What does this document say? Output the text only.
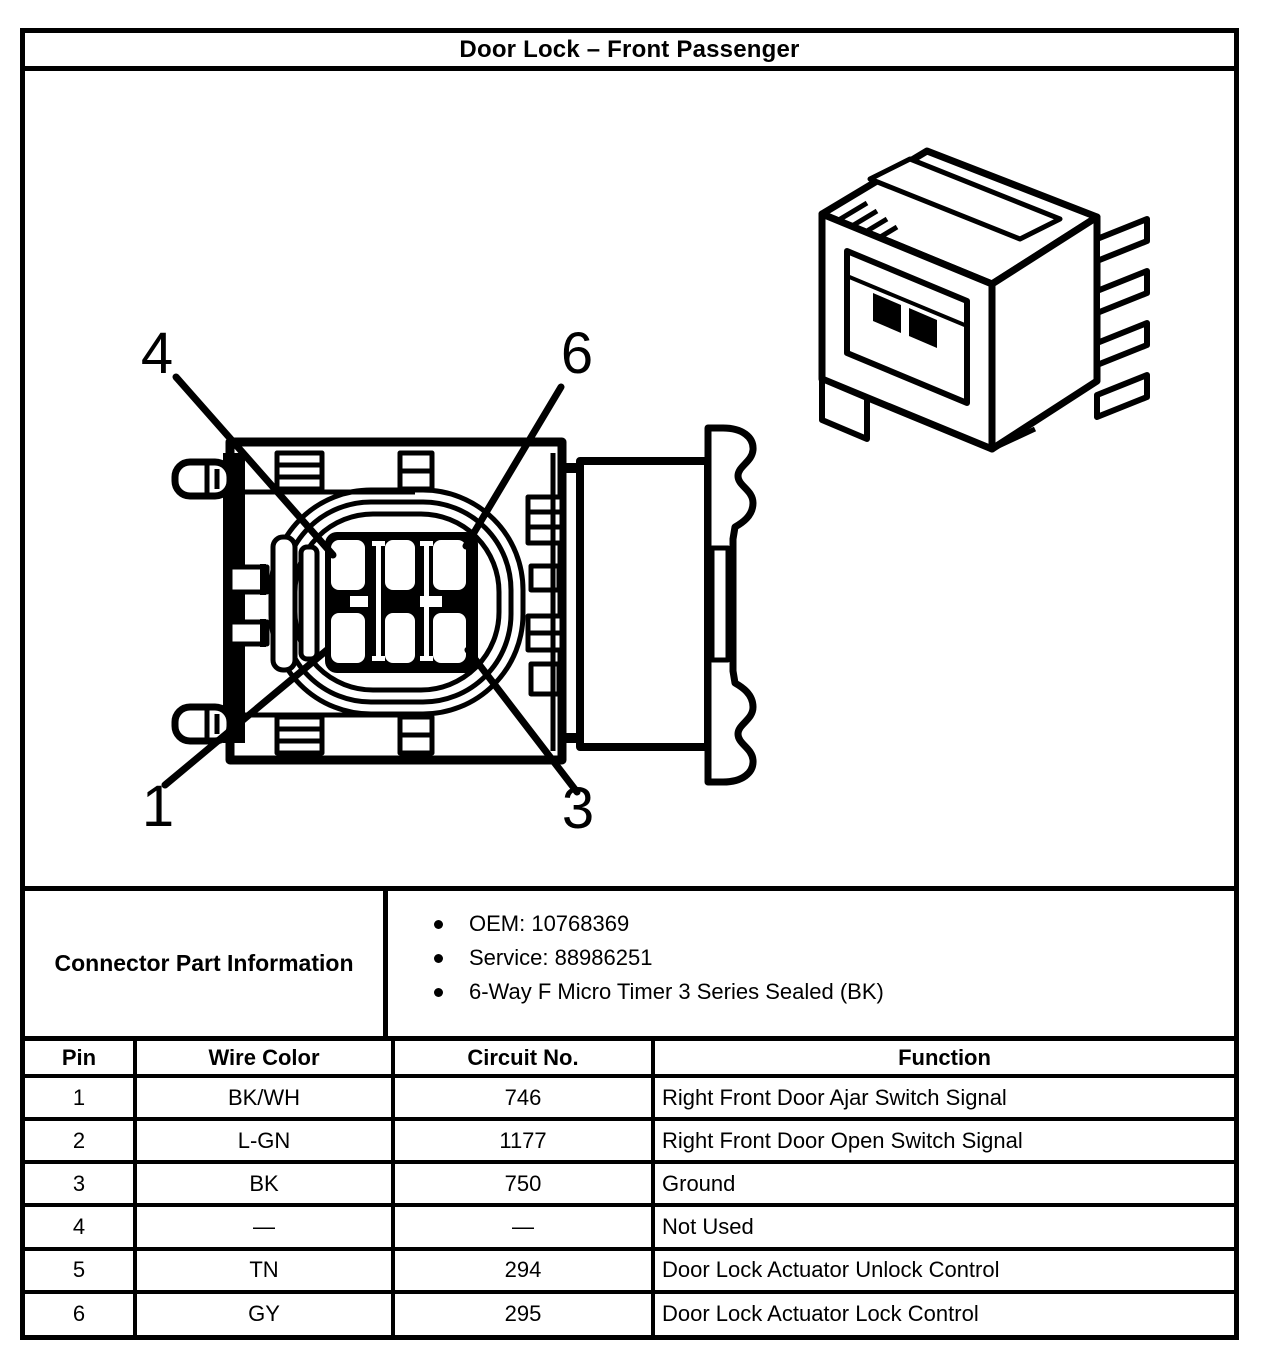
Door Lock – Front Passenger
4	6
1	3
Connector Part Information
OEM: 10768369
Service: 88986251
6-Way F Micro Timer 3 Series Sealed (BK)
Pin	Wire Color	Circuit No.	Function
1	BK/WH	746	Right Front Door Ajar Switch Signal
2	L-GN	1177	Right Front Door Open Switch Signal
3	BK	750	Ground
4	—	—	Not Used
5	TN	294	Door Lock Actuator Unlock Control
6	GY	295	Door Lock Actuator Lock Control
